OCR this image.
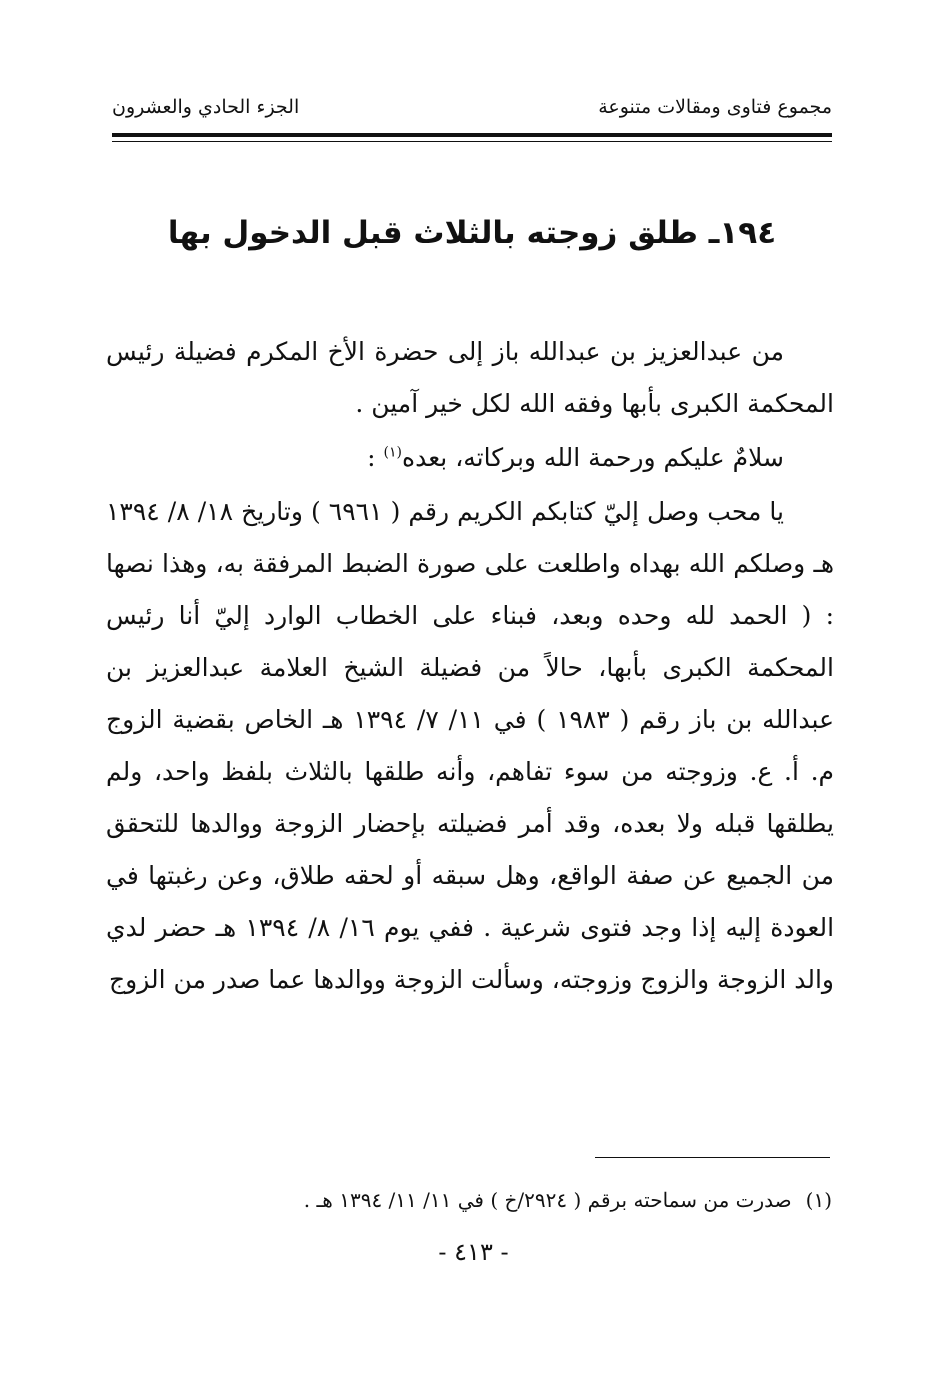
مجموع فتاوى ومقالات متنوعة
الجزء الحادي والعشرون
١٩٤ـ طلق زوجته بالثلاث قبل الدخول بها

من عبدالعزيز بن عبدالله باز إلى حضرة الأخ المكرم فضيلة رئيس المحكمة الكبرى بأبها وفقه الله لكل خير آمين .

سلامٌ عليكم ورحمة الله وبركاته، بعده$^{(١)}$ :

يا محب وصل إليّ كتابكم الكريم رقم ( ٦٩٦١ ) وتاريخ ١٨/ ٨/ ١٣٩٤ هـ وصلكم الله بهداه واطلعت على صورة الضبط المرفقة به، وهذا نصها : ( الحمد لله وحده وبعد، فبناء على الخطاب الوارد إليّ أنا رئيس المحكمة الكبرى بأبها، حالاً من فضيلة الشيخ العلامة عبدالعزيز بن عبدالله بن باز رقم ( ١٩٨٣ ) في ١١/ ٧/ ١٣٩٤ هـ الخاص بقضية الزوج م. أ. ع. وزوجته من سوء تفاهم، وأنه طلقها بالثلاث بلفظ واحد، ولم يطلقها قبله ولا بعده، وقد أمر فضيلته بإحضار الزوجة ووالدها للتحقق من الجميع عن صفة الواقع، وهل سبقه أو لحقه طلاق، وعن رغبتها في العودة إليه إذا وجد فتوى شرعية . ففي يوم ١٦/ ٨/ ١٣٩٤ هـ حضر لدي والد الزوجة والزوج وزوجته، وسألت الزوجة ووالدها عما صدر من الزوج

(١)صدرت من سماحته برقم ( ٢٩٢٤/خ ) في ١١/ ١١/ ١٣٩٤ هـ .
- ٤١٣ -
